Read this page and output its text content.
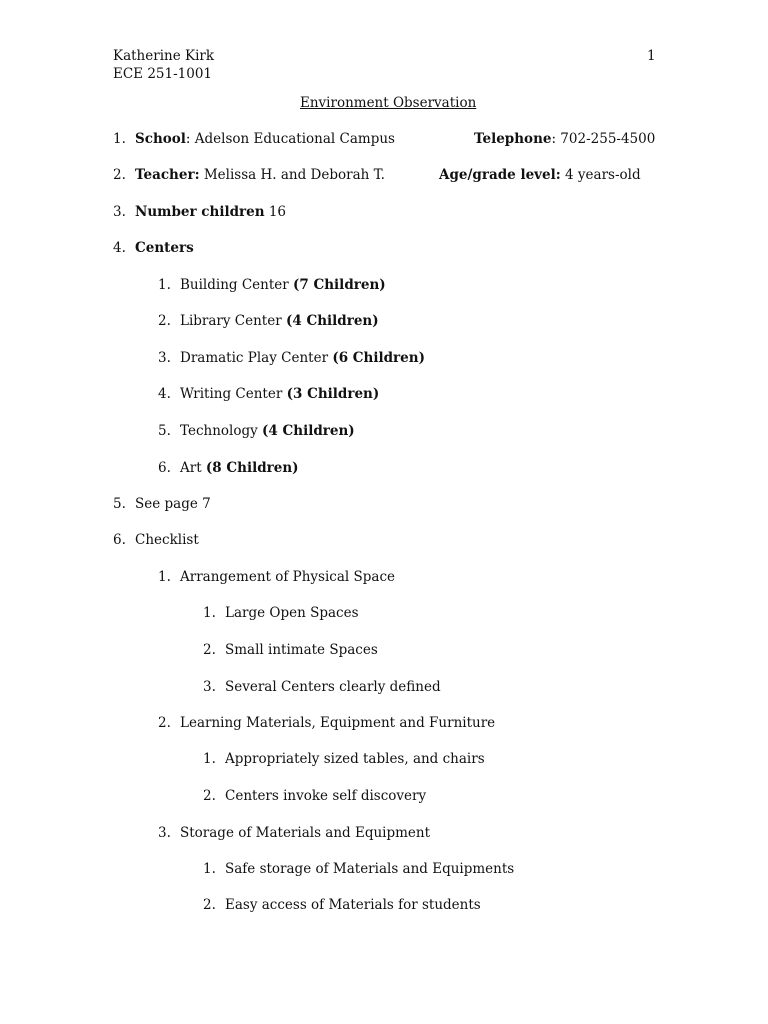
Katherine Kirk
ECE 251-1001
1
Environment Observation
1. School: Adelson Educational Campus	Telephone: 702-255-4500
2. Teacher: Melissa H. and Deborah T.	Age/grade level: 4 years-old
3. Number children 16
4. Centers
1. Building Center (7 Children)
2. Library Center (4 Children)
3. Dramatic Play Center (6 Children)
4. Writing Center (3 Children)
5. Technology (4 Children)
6. Art (8 Children)
5. See page 7
6. Checklist
1. Arrangement of Physical Space
1. Large Open Spaces
2. Small intimate Spaces
3. Several Centers clearly defined
2. Learning Materials, Equipment and Furniture
1. Appropriately sized tables, and chairs
2. Centers invoke self discovery
3. Storage of Materials and Equipment
1. Safe storage of Materials and Equipments
2. Easy access of Materials for students
